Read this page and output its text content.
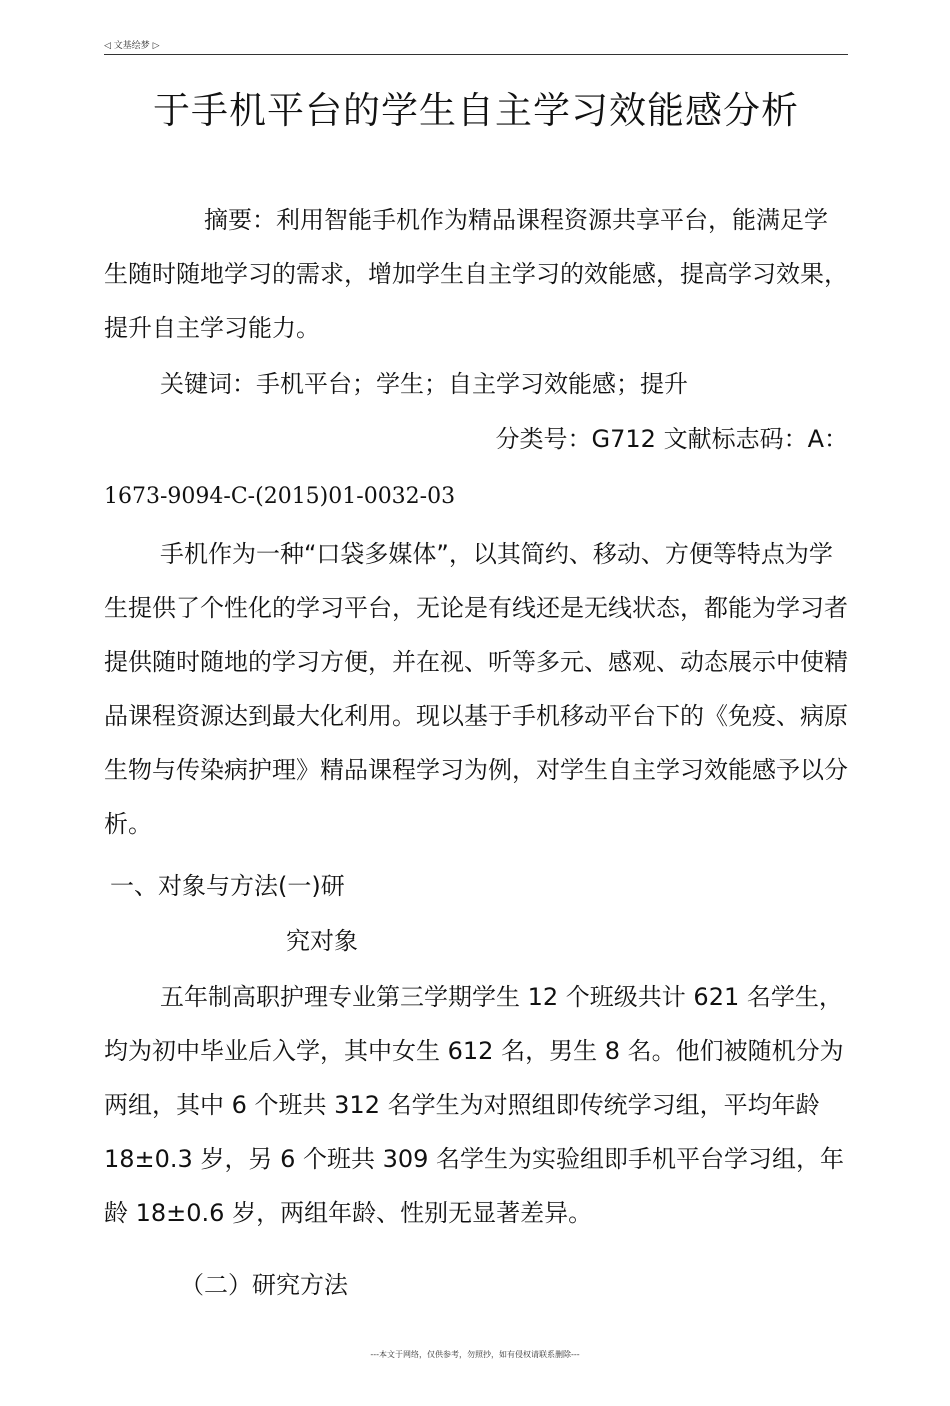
◁ 文基绘梦 ▷
于手机平台的学生自主学习效能感分析

摘要：利用智能手机作为精品课程资源共享平台，能满足学生随时随地学习的需求，增加学生自主学习的效能感，提高学习效果，提升自主学习能力。

关键词：手机平台；学生；自主学习效能感；提升

分类号：G712 文献标志码：A：

1673-9094-C-(2015)01-0032-03

手机作为一种“口袋多媒体”，以其简约、移动、方便等特点为学生提供了个性化的学习平台，无论是有线还是无线状态，都能为学习者提供随时随地的学习方便，并在视、听等多元、感观、动态展示中使精品课程资源达到最大化利用。现以基于手机移动平台下的《免疫、病原生物与传染病护理》精品课程学习为例，对学生自主学习效能感予以分析。

一、对象与方法(一)研

究对象

五年制高职护理专业第三学期学生 12 个班级共计 621 名学生，均为初中毕业后入学，其中女生 612 名，男生 8 名。他们被随机分为两组，其中 6 个班共 312 名学生为对照组即传统学习组，平均年龄 18±0.3 岁，另 6 个班共 309 名学生为实验组即手机平台学习组，年龄 18±0.6 岁，两组年龄、性别无显著差异。

（二）研究方法

---本文于网络，仅供参考，勿照抄，如有侵权请联系删除---
